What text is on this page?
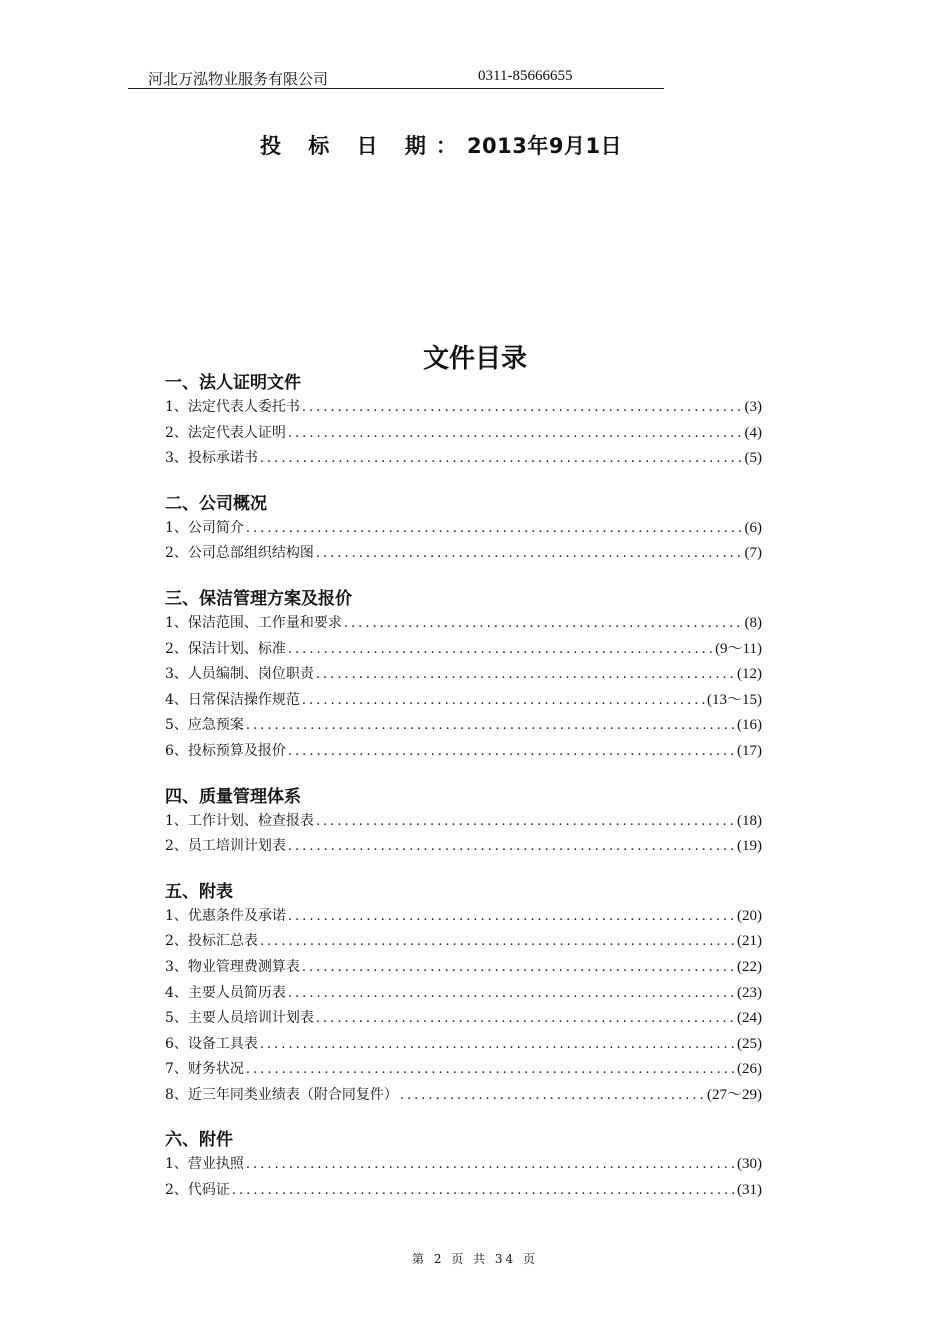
河北万泓物业服务有限公司	0311-85666655
投 标 日 期：2013年9月1日
文件目录
一、法人证明文件
1、法定代表人委托书 .....	(3)
2、法定代表人证明 .....	(4)
3、投标承诺书 .....	(5)
二、公司概况
1、公司简介 .....	(6)
2、公司总部组织结构图 .....	(7)
三、保洁管理方案及报价
1、保洁范围、工作量和要求 .....	(8)
2、保洁计划、标准 .....	(9～11)
3、人员编制、岗位职责 .....	(12)
4、日常保洁操作规范 .....	(13～15)
5、应急预案 .....	(16)
6、投标预算及报价 .....	(17)
四、质量管理体系
1、工作计划、检查报表 .....	(18)
2、员工培训计划表 .....	(19)
五、附表
1、优惠条件及承诺 .....	(20)
2、投标汇总表 .....	(21)
3、物业管理费测算表 .....	(22)
4、主要人员简历表 .....	(23)
5、主要人员培训计划表 .....	(24)
6、设备工具表 .....	(25)
7、财务状况 .....	(26)
8、近三年同类业绩表（附合同复件） .....	(27～29)
六、附件
1、营业执照 .....	(30)
2、代码证 .....	(31)
第 2 页 共 34 页
